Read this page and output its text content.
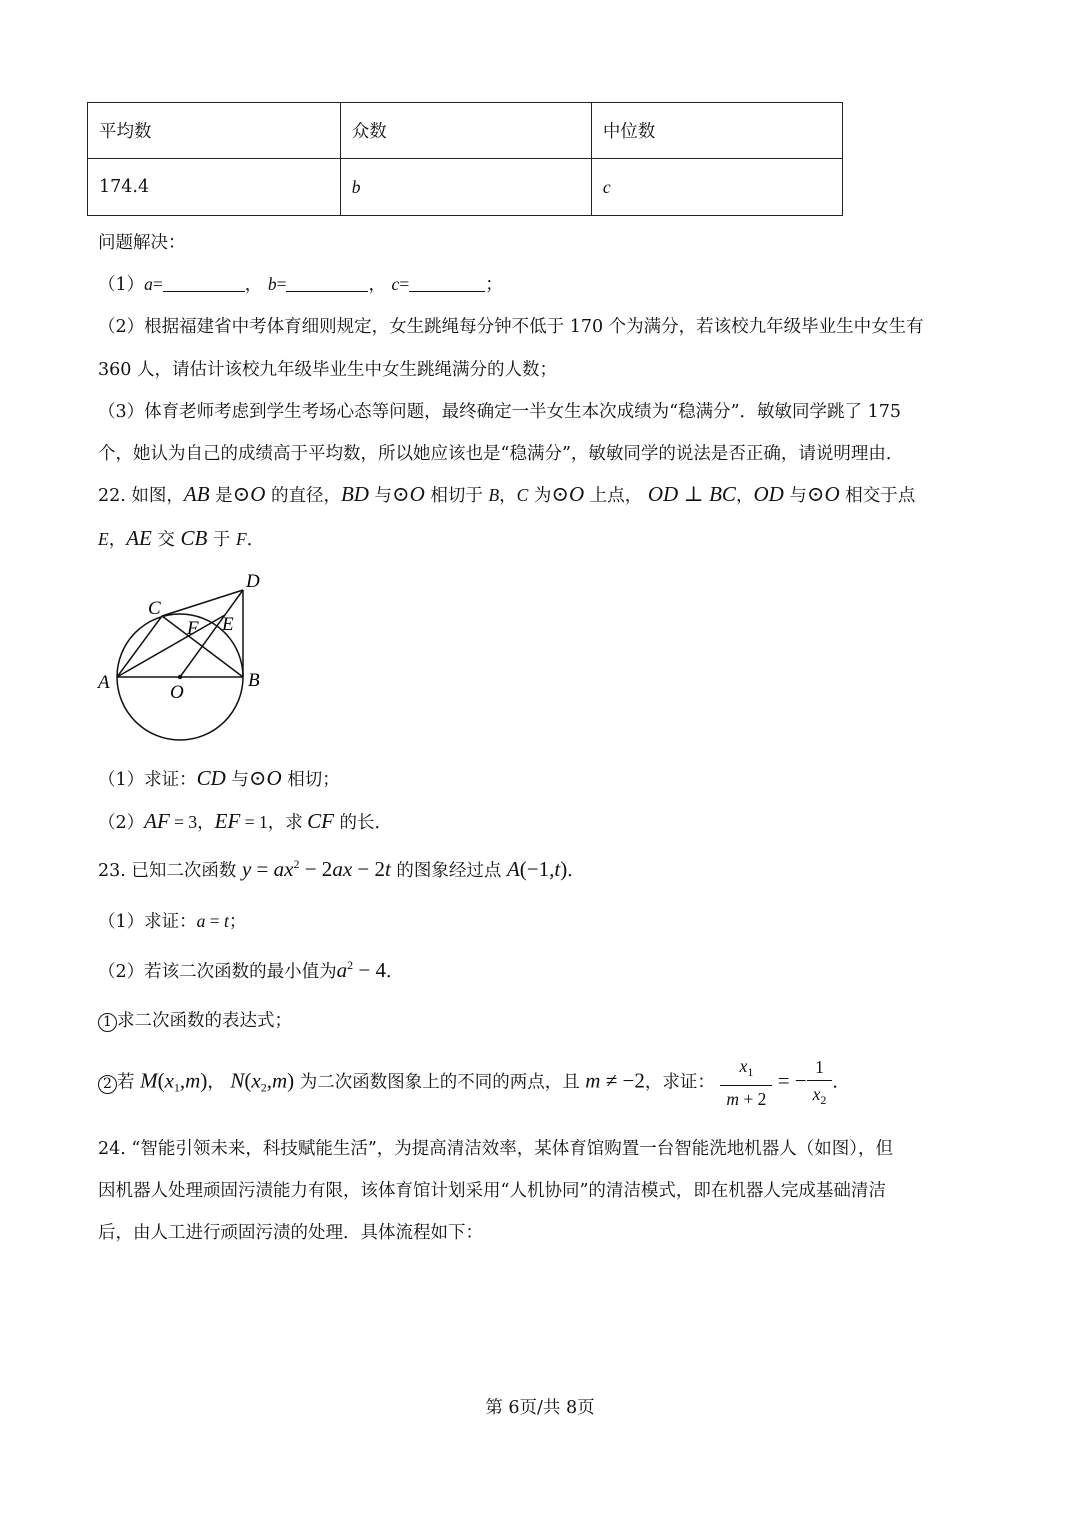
平均数	众数	中位数
174.4	b	c
问题解决：
（1）a=	， b=	， c=	；
（2）根据福建省中考体育细则规定，女生跳绳每分钟不低于 170 个为满分，若该校九年级毕业生中女生有
360 人，请估计该校九年级毕业生中女生跳绳满分的人数；
（3）体育老师考虑到学生考场心态等问题，最终确定一半女生本次成绩为“稳满分”．敏敏同学跳了 175
个，她认为自己的成绩高于平均数，所以她应该也是“稳满分”，敏敏同学的说法是否正确，请说明理由．
22. 如图，AB 是⊙O 的直径，BD 与⊙O 相切于 B，C 为⊙O 上点， OD ⊥ BC，OD 与⊙O 相交于点
E，AE 交 CB 于 F．
A	B
C
D
E
F
O
（1）求证：CD 与⊙O 相切；
（2）AF = 3，EF = 1，求 CF 的长．
23. 已知二次函数 $y = ax^2 - 2ax - 2t$ 的图象经过点 A(−1,t)．
（1）求证：a = t；
（2）若该二次函数的最小值为$a^2 - 4$．
1 求二次函数的表达式；
2 若 $M(x_1,m)$， $N(x_2,m)$ 为二次函数图象上的不同的两点，且 m ≠ −2，求证： $\frac{x_1}{m + 2}$ = − $\frac{1}{x_2}$ ．
24. “智能引领未来，科技赋能生活”，为提高清洁效率，某体育馆购置一台智能洗地机器人（如图），但
因机器人处理顽固污渍能力有限，该体育馆计划采用“人机协同”的清洁模式，即在机器人完成基础清洁
后，由人工进行顽固污渍的处理．具体流程如下：
第 6页/共 8页
